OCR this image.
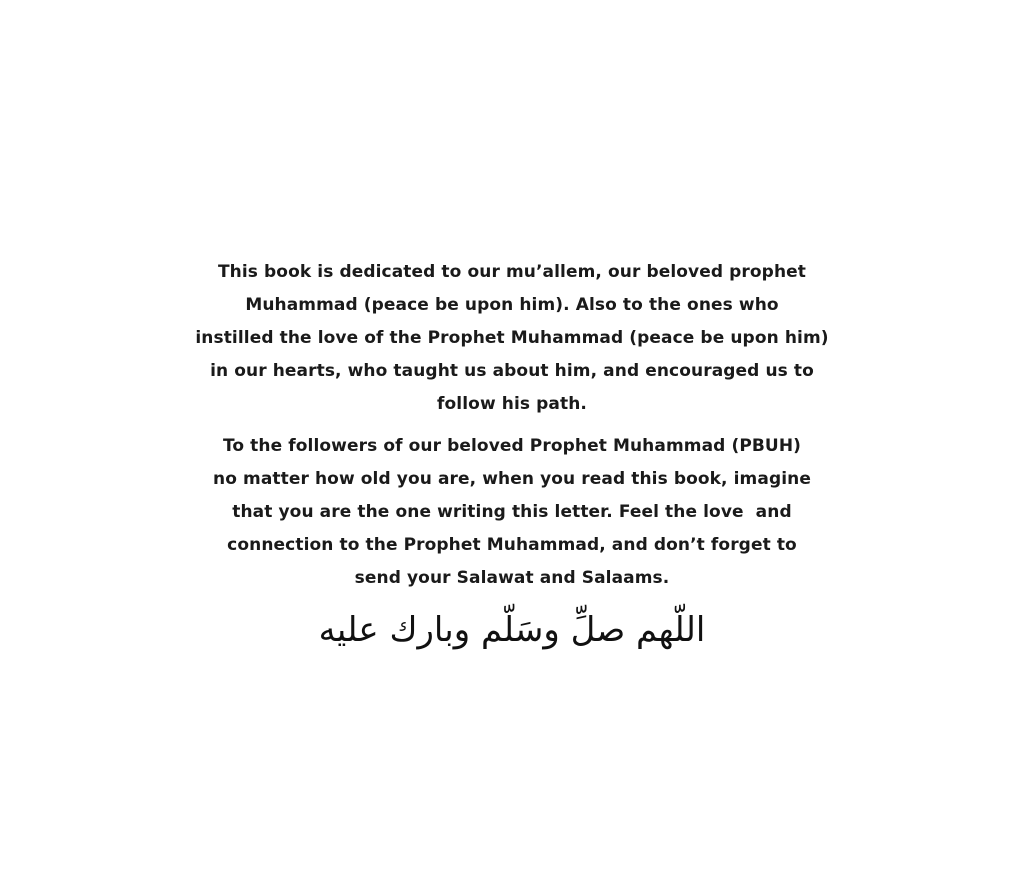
This book is dedicated to our mu’allem, our beloved prophet
Muhammad (peace be upon him). Also to the ones who
instilled the love of the Prophet Muhammad (peace be upon him)
in our hearts, who taught us about him, and encouraged us to
follow his path.
To the followers of our beloved Prophet Muhammad (PBUH)
no matter how old you are, when you read this book, imagine
that you are the one writing this letter. Feel the love  and
connection to the Prophet Muhammad, and don’t forget to
send your Salawat and Salaams.
اللّهم صلِّ وسَلّم وبارك عليه
